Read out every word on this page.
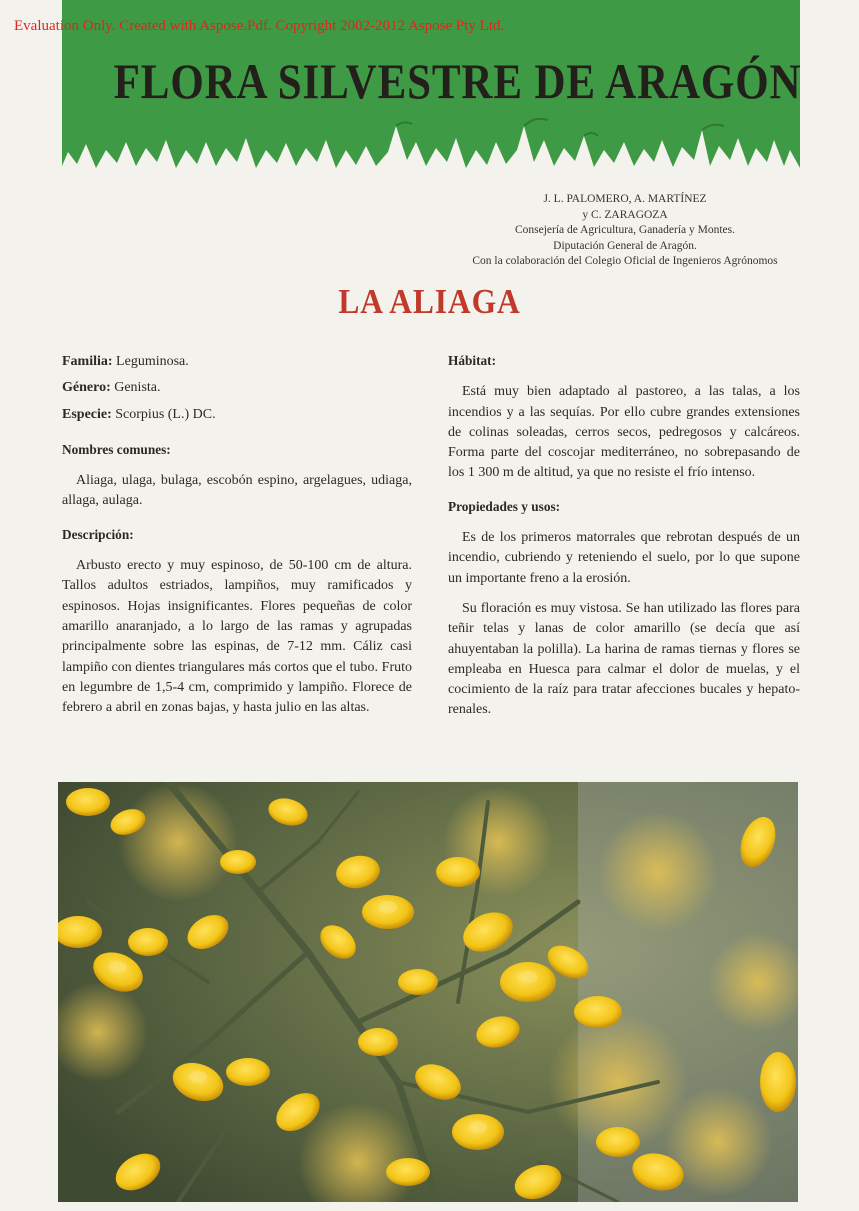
Evaluation Only. Created with Aspose.Pdf. Copyright 2002-2012 Aspose Pty Ltd.
FLORA SILVESTRE DE ARAGÓN
J. L. PALOMERO, A. MARTÍNEZ
y C. ZARAGOZA
Consejería de Agricultura, Ganadería y Montes.
Diputación General de Aragón.
Con la colaboración del Colegio Oficial de Ingenieros Agrónomos
LA ALIAGA
Familia: Leguminosa.
Género: Genista.
Especie: Scorpius (L.) DC.
Nombres comunes:
Aliaga, ulaga, bulaga, escobón espino, argelagues, udiaga, allaga, aulaga.
Descripción:
Arbusto erecto y muy espinoso, de 50-100 cm de altura. Tallos adultos estriados, lampiños, muy ramificados y espinosos. Hojas insignificantes. Flores pequeñas de color amarillo anaranjado, a lo largo de las ramas y agrupadas principalmente sobre las espinas, de 7-12 mm. Cáliz casi lampiño con dientes triangulares más cortos que el tubo. Fruto en legumbre de 1,5-4 cm, comprimido y lampiño. Florece de febrero a abril en zonas bajas, y hasta julio en las altas.
Hábitat:
Está muy bien adaptado al pastoreo, a las talas, a los incendios y a las sequías. Por ello cubre grandes extensiones de colinas soleadas, cerros secos, pedregosos y calcáreos. Forma parte del coscojar mediterráneo, no sobrepasando de los 1 300 m de altitud, ya que no resiste el frío intenso.
Propiedades y usos:
Es de los primeros matorrales que rebrotan después de un incendio, cubriendo y reteniendo el suelo, por lo que supone un importante freno a la erosión.
Su floración es muy vistosa. Se han utilizado las flores para teñir telas y lanas de color amarillo (se decía que así ahuyentaban la polilla). La harina de ramas tiernas y flores se empleaba en Huesca para calmar el dolor de muelas, y el cocimiento de la raíz para tratar afecciones bucales y hepato-renales.
